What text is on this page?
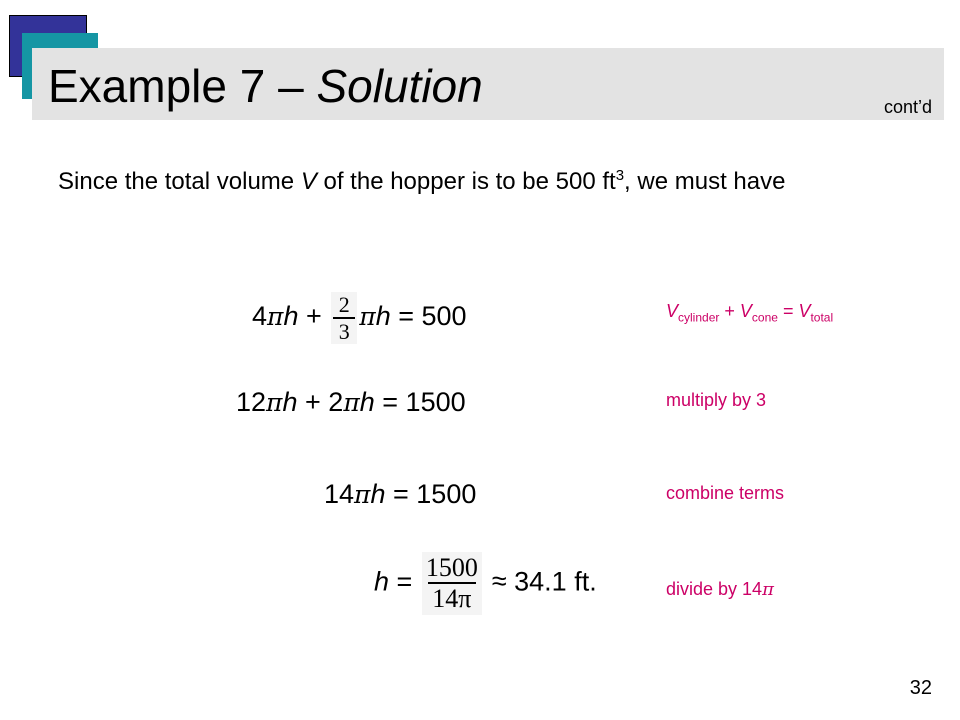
Example 7 – Solution	cont’d
Since the total volume V of the hopper is to be 500 $ft^3$, we must have
$4\pi h + \frac{2}{3}$ πh = 500	$V_{cylinder} + V_{cone} = V_{total}$
12πh + 2πh = 1500	multiply by 3
14πh = 1500	combine terms
$h = \frac{1500}{14\pi} \approx 34.1$ ft.	divide by 14π
32
